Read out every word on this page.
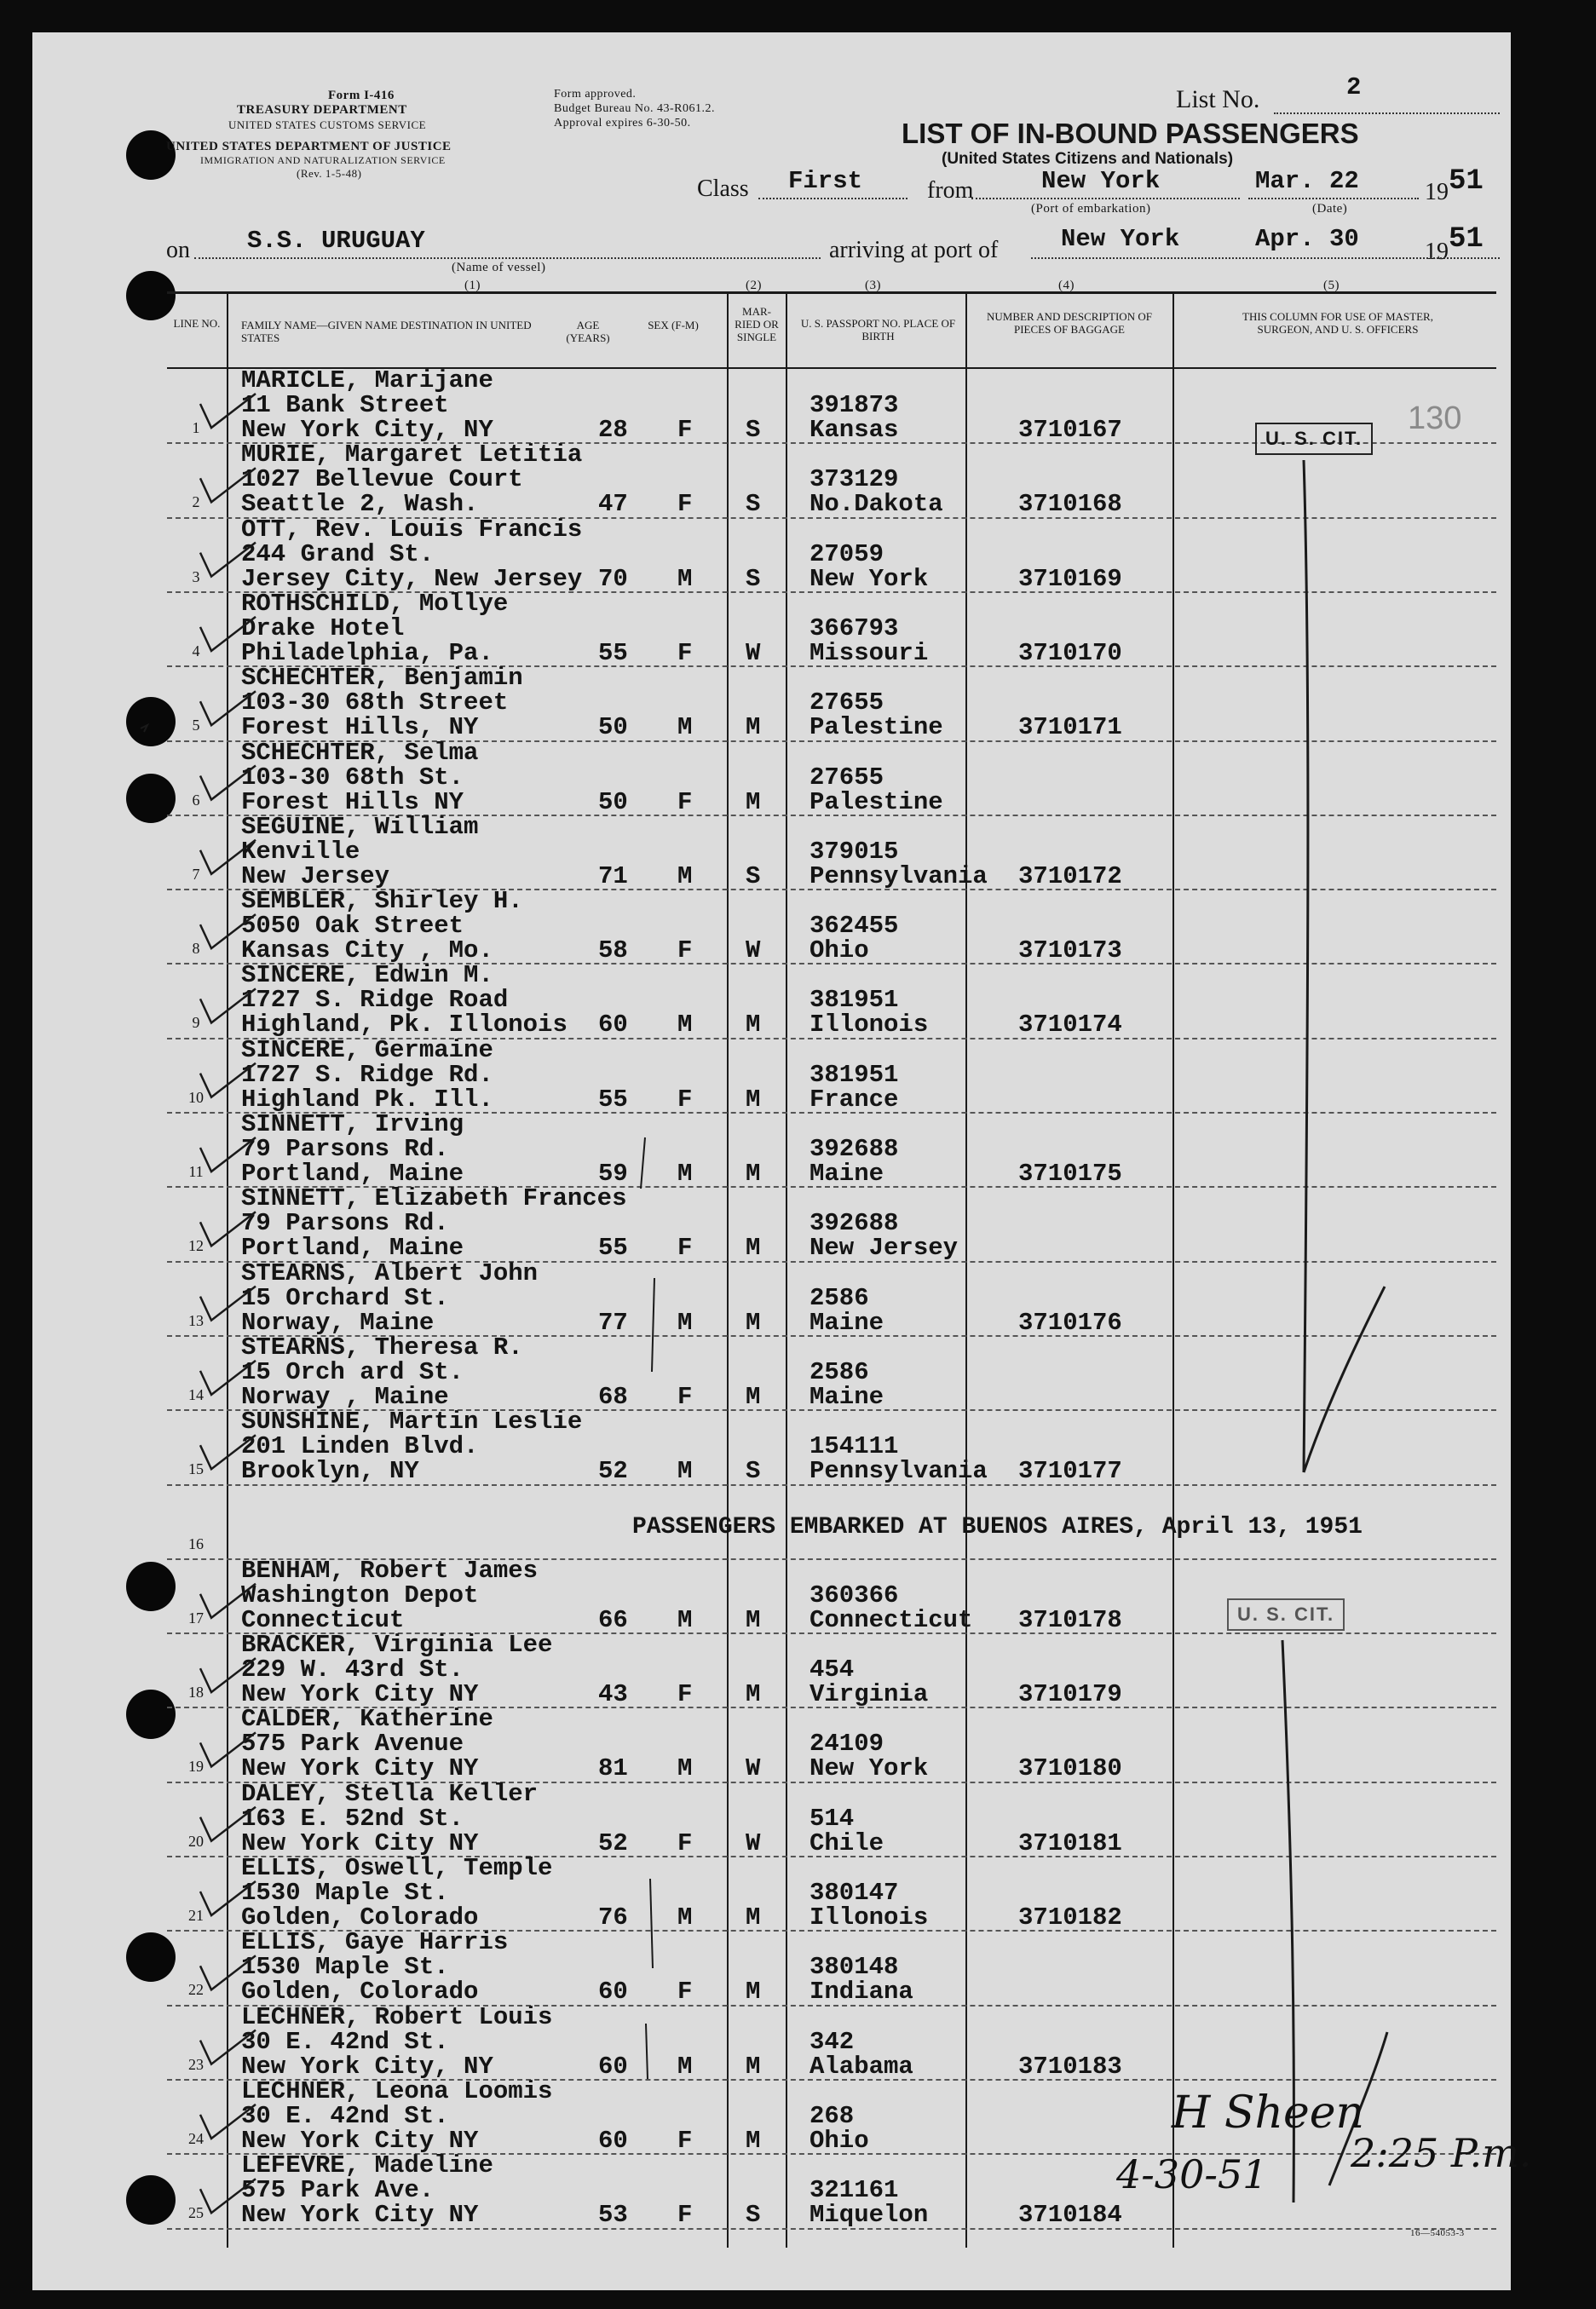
Form I-416
TREASURY DEPARTMENT
UNITED STATES CUSTOMS SERVICE
Form approved.
Budget Bureau No. 43-R061.2.
Approval expires 6-30-50.
UNITED STATES DEPARTMENT OF JUSTICE
IMMIGRATION AND NATURALIZATION SERVICE
(Rev. 1-5-48)
List No.	2
LIST OF IN-BOUND PASSENGERS
(United States Citizens and Nationals)
Class First	from	New York	Mar. 22	19 51
(Port of embarkation)	(Date)
on S.S. URUGUAY	arriving at port of	New York	Apr. 30	19 51
(Name of vessel)
(1)	(2)	(3)	(4)	(5)
LINE NO. FAMILY NAME—GIVEN NAME DESTINATION IN UNITED STATES
AGE (YEARS)
SEX (F-M)
MAR-RIED OR SINGLE
U. S. PASSPORT NO. PLACE OF BIRTH
NUMBER AND DESCRIPTION OF PIECES OF BAGGAGE
THIS COLUMN FOR USE OF MASTER, SURGEON, AND U. S. OFFICERS
1
MARICLE, Marijane
11 Bank Street
New York City, NY	28 F S
391873
Kansas	3710167
2
MURIE, Margaret Letitia
1027 Bellevue Court
Seattle 2, Wash.	47 F S
373129
No.Dakota	3710168
3
OTT, Rev. Louis Francis
244 Grand St.
Jersey City, New Jersey 70 M S
27059
New York	3710169
4
ROTHSCHILD, Mollye
Drake Hotel
Philadelphia, Pa.	55 F W
366793
Missouri	3710170
5
SCHECHTER, Benjamin
103-30 68th Street
Forest Hills, NY	50 M M
27655
Palestine	3710171
6
SCHECHTER, Selma
103-30 68th St.
Forest Hills NY	50 F M
27655
Palestine
7
SEGUINE, William
Kenville
New Jersey	71 M S
379015
Pennsylvania 3710172
8
SEMBLER, Shirley H.
5050 Oak Street
Kansas City , Mo.	58 F W
362455
Ohio	3710173
9
SINCERE, Edwin M.
1727 S. Ridge Road
Highland, Pk. Illonois 60 M M
381951
Illonois	3710174
10
SINCERE, Germaine
1727 S. Ridge Rd.
Highland Pk. Ill.	55 F M
381951
France
11
SINNETT, Irving
79 Parsons Rd.
Portland, Maine	59 M M
392688
Maine	3710175
12
SINNETT, Elizabeth Frances
79 Parsons Rd.
Portland, Maine	55 F M
392688
New Jersey
13
STEARNS, Albert John
15 Orchard St.
Norway, Maine	77 M M
2586
Maine	3710176
14
STEARNS, Theresa R.
15 Orch ard St.
Norway , Maine	68 F M
2586
Maine
15
SUNSHINE, Martin Leslie
201 Linden Blvd.
Brooklyn, NY	52 M S
154111
Pennsylvania 3710177
16
17
BENHAM, Robert James
Washington Depot
Connecticut	66 M M
360366
Connecticut 3710178
18
BRACKER, Virginia Lee
229 W. 43rd St.
New York City NY	43 F M
454
Virginia	3710179
19
CALDER, Katherine
575 Park Avenue
New York City NY	81 M W
24109
New York	3710180
20
DALEY, Stella Keller
163 E. 52nd St.
New York City NY	52 F W
514
Chile	3710181
21
ELLIS, Oswell, Temple
1530 Maple St.
Golden, Colorado	76 M M
380147
Illonois	3710182
22
ELLIS, Gaye Harris
1530 Maple St.
Golden, Colorado	60 F M
380148
Indiana
23
LECHNER, Robert Louis
30 E. 42nd St.
New York City, NY	60 M M
342
Alabama	3710183
24
LECHNER, Leona Loomis
30 E. 42nd St.
New York City NY	60 F M
268
Ohio
25
LEFEVRE, Madeline
575 Park Ave.
New York City NY	53 F S
321161
Miquelon	3710184
PASSENGERS EMBARKED AT BUENOS AIRES, April 13, 1951
U. S. CIT.
130
U. S. CIT.
H Sheen
4-30-51 2:25 P.m.
16—54053-3
